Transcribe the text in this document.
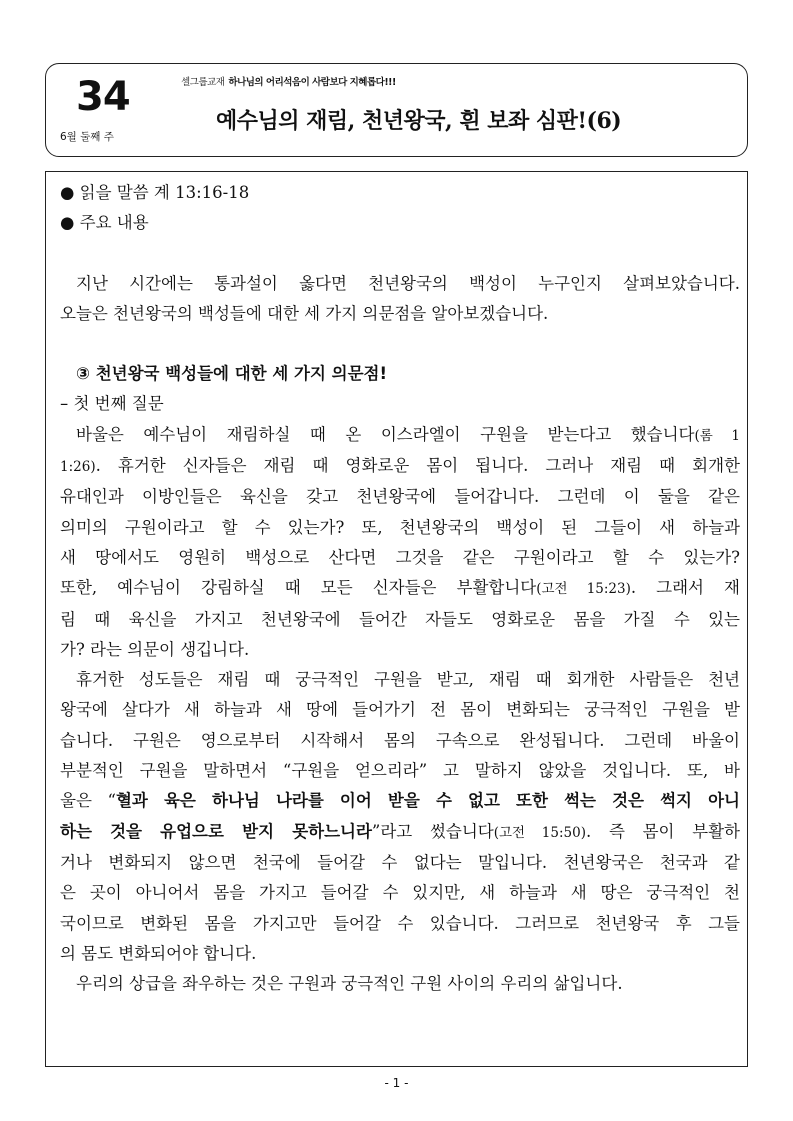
34
6월 둘째 주
셀그룹교재 하나님의 어리석음이 사람보다 지혜롭다!!!
예수님의 재림, 천년왕국, 흰 보좌 심판!(6)
● 읽을 말씀 계 13:16-18
● 주요 내용
지난 시간에는 통과설이 옳다면 천년왕국의 백성이 누구인지 살펴보았습니다.
오늘은 천년왕국의 백성들에 대한 세 가지 의문점을 알아보겠습니다.
③ 천년왕국 백성들에 대한 세 가지 의문점!
– 첫 번째 질문
바울은 예수님이 재림하실 때 온 이스라엘이 구원을 받는다고 했습니다(롬 1
1:26). 휴거한 신자들은 재림 때 영화로운 몸이 됩니다. 그러나 재림 때 회개한
유대인과 이방인들은 육신을 갖고 천년왕국에 들어갑니다. 그런데 이 둘을 같은
의미의 구원이라고 할 수 있는가? 또, 천년왕국의 백성이 된 그들이 새 하늘과
새 땅에서도 영원히 백성으로 산다면 그것을 같은 구원이라고 할 수 있는가?
또한, 예수님이 강림하실 때 모든 신자들은 부활합니다(고전 15:23). 그래서 재
림 때 육신을 가지고 천년왕국에 들어간 자들도 영화로운 몸을 가질 수 있는
가? 라는 의문이 생깁니다.
휴거한 성도들은 재림 때 궁극적인 구원을 받고, 재림 때 회개한 사람들은 천년
왕국에 살다가 새 하늘과 새 땅에 들어가기 전 몸이 변화되는 궁극적인 구원을 받
습니다. 구원은 영으로부터 시작해서 몸의 구속으로 완성됩니다. 그런데 바울이
부분적인 구원을 말하면서 “구원을 얻으리라” 고 말하지 않았을 것입니다. 또, 바
울은 “혈과 육은 하나님 나라를 이어 받을 수 없고 또한 썩는 것은 썩지 아니
하는 것을 유업으로 받지 못하느니라”라고 썼습니다(고전 15:50). 즉 몸이 부활하
거나 변화되지 않으면 천국에 들어갈 수 없다는 말입니다. 천년왕국은 천국과 같
은 곳이 아니어서 몸을 가지고 들어갈 수 있지만, 새 하늘과 새 땅은 궁극적인 천
국이므로 변화된 몸을 가지고만 들어갈 수 있습니다. 그러므로 천년왕국 후 그들
의 몸도 변화되어야 합니다.
우리의 상급을 좌우하는 것은 구원과 궁극적인 구원 사이의 우리의 삶입니다.
- 1 -
